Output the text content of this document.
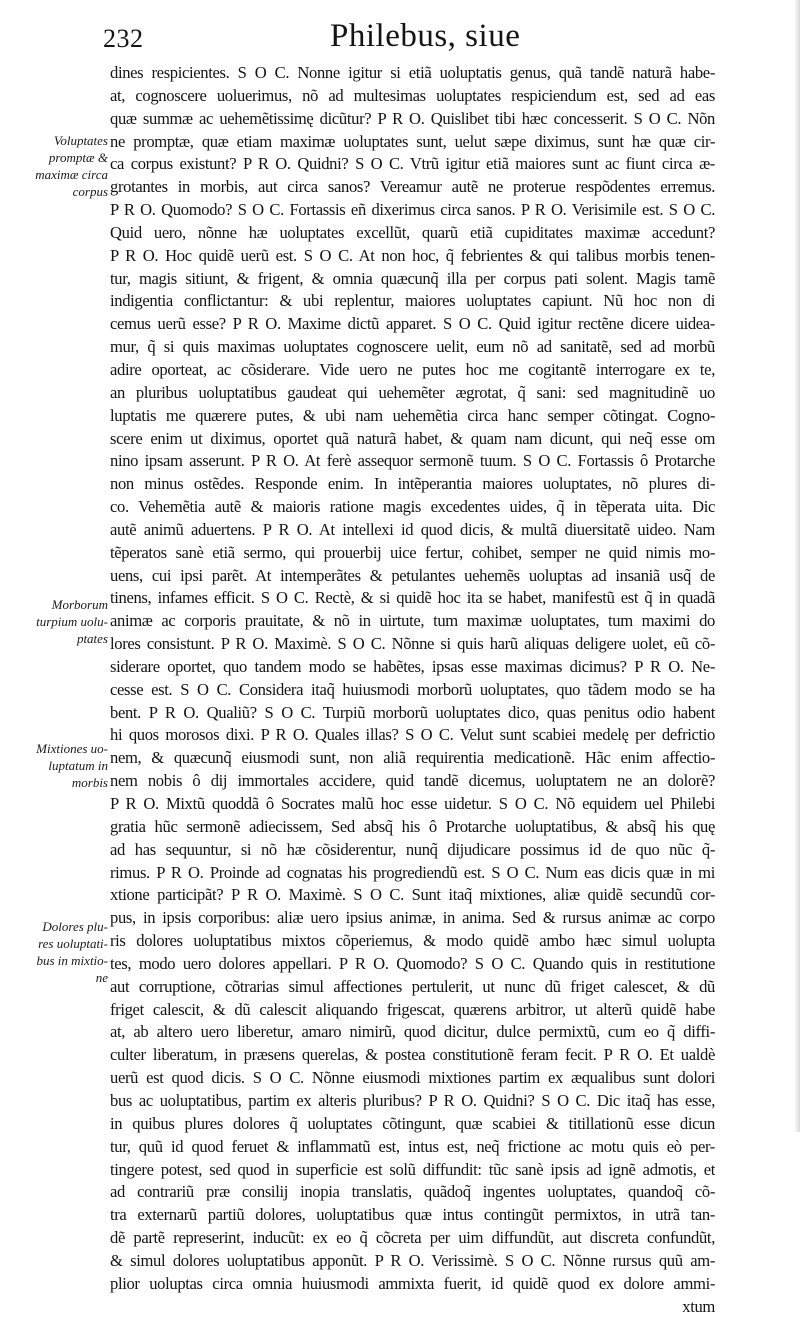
232	Philebus, siue
Voluptates
promptæ &
maximæ circa
corpus
Morborum
turpium uolu-
ptates
Mixtiones uo-
luptatum in
morbis
Dolores plu-
res uoluptati-
bus in mixtio-
ne
dines respicientes. S O C. Nonne igitur si etiã uoluptatis genus, quã tandẽ naturã habe-
at, cognoscere uoluerimus, nõ ad multesimas uoluptates respiciendum est, sed ad eas
quæ summæ ac uehemẽtissimę dicũtur? P R O. Quislibet tibi hæc concesserit. S O C. Nõn
ne promptæ, quæ etiam maximæ uoluptates sunt, uelut sæpe diximus, sunt hæ quæ cir-
ca corpus existunt? P R O. Quidni? S O C. Vtrũ igitur etiã maiores sunt ac fiunt circa æ-
grotantes in morbis, aut circa sanos? Vereamur autẽ ne proterue respõdentes erremus.
P R O. Quomodo? S O C. Fortassis eñ dixerimus circa sanos. P R O. Verisimile est. S O C.
Quid uero, nõnne hæ uoluptates excellũt, quarũ etiã cupiditates maximæ accedunt?
P R O. Hoc quidẽ uerũ est. S O C. At non hoc, q̃ febrientes & qui talibus morbis tenen-
tur, magis sitiunt, & frigent, & omnia quæcunq̃ illa per corpus pati solent. Magis tamẽ
indigentia conflictantur: & ubi replentur, maiores uoluptates capiunt. Nũ hoc non di
cemus uerũ esse? P R O. Maxime dictũ apparet. S O C. Quid igitur rectẽne dicere uidea-
mur, q̃ si quis maximas uoluptates cognoscere uelit, eum nõ ad sanitatẽ, sed ad morbũ
adire oporteat, ac cõsiderare. Vide uero ne putes hoc me cogitantẽ interrogare ex te,
an pluribus uoluptatibus gaudeat qui uehemẽter ægrotat, q̃ sani: sed magnitudinẽ uo
luptatis me quærere putes, & ubi nam uehemẽtia circa hanc semper cõtingat. Cogno-
scere enim ut diximus, oportet quã naturã habet, & quam nam dicunt, qui neq̃ esse om
nino ipsam asserunt. P R O. At ferè assequor sermonẽ tuum. S O C. Fortassis ô Protarche
non minus ostẽdes. Responde enim. In intẽperantia maiores uoluptates, nõ plures di-
co. Vehemẽtia autẽ & maioris ratione magis excedentes uides, q̃ in tẽperata uita. Dic
autẽ animũ aduertens. P R O. At intellexi id quod dicis, & multã diuersitatẽ uideo. Nam
tẽperatos sanè etiã sermo, qui prouerbij uice fertur, cohibet, semper ne quid nimis mo-
uens, cui ipsi parẽt. At intemperãtes & petulantes uehemẽs uoluptas ad insaniã usq̃ de
tinens, infames efficit. S O C. Rectè, & si quidẽ hoc ita se habet, manifestũ est q̃ in quadã
animæ ac corporis prauitate, & nõ in uirtute, tum maximæ uoluptates, tum maximi do
lores consistunt. P R O. Maximè. S O C. Nõnne si quis harũ aliquas deligere uolet, eũ cõ-
siderare oportet, quo tandem modo se habẽtes, ipsas esse maximas dicimus? P R O. Ne-
cesse est. S O C. Considera itaq̃ huiusmodi morborũ uoluptates, quo tãdem modo se ha
bent. P R O. Qualiũ? S O C. Turpiũ morborũ uoluptates dico, quas penitus odio habent
hi quos morosos dixi. P R O. Quales illas? S O C. Velut sunt scabiei medelę per defrictio
nem, & quæcunq̃ eiusmodi sunt, non aliã requirentia medicationẽ. Hãc enim affectio-
nem nobis ô dij immortales accidere, quid tandẽ dicemus, uoluptatem ne an dolorẽ?
P R O. Mixtũ quoddã ô Socrates malũ hoc esse uidetur. S O C. Nõ equidem uel Philebi
gratia hũc sermonẽ adiecissem, Sed absq̃ his ô Protarche uoluptatibus, & absq̃ his quę
ad has sequuntur, si nõ hæ cõsiderentur, nunq̃ dijudicare possimus id de quo nũc q̃-
rimus. P R O. Proinde ad cognatas his progrediendũ est. S O C. Num eas dicis quæ in mi
xtione participãt? P R O. Maximè. S O C. Sunt itaq̃ mixtiones, aliæ quidẽ secundũ cor-
pus, in ipsis corporibus: aliæ uero ipsius animæ, in anima. Sed & rursus animæ ac corpo
ris dolores uoluptatibus mixtos cõperiemus, & modo quidẽ ambo hæc simul uolupta
tes, modo uero dolores appellari. P R O. Quomodo? S O C. Quando quis in restitutione
aut corruptione, cõtrarias simul affectiones pertulerit, ut nunc dũ friget calescet, & dũ
friget calescit, & dũ calescit aliquando frigescat, quærens arbitror, ut alterũ quidẽ habe
at, ab altero uero liberetur, amaro nimirũ, quod dicitur, dulce permixtũ, cum eo q̃ diffi-
culter liberatum, in præsens querelas, & postea constitutionẽ feram fecit. P R O. Et ualdè
uerũ est quod dicis. S O C. Nõnne eiusmodi mixtiones partim ex æqualibus sunt dolori
bus ac uoluptatibus, partim ex alteris pluribus? P R O. Quidni? S O C. Dic itaq̃ has esse,
in quibus plures dolores q̃ uoluptates cõtingunt, quæ scabiei & titillationũ esse dicun
tur, quũ id quod feruet & inflammatũ est, intus est, neq̃ frictione ac motu quis eò per-
tingere potest, sed quod in superficie est solũ diffundit: tũc sanè ipsis ad ignẽ admotis, et
ad contrariũ præ consilij inopia translatis, quãdoq̃ ingentes uoluptates, quandoq̃ cõ-
tra externarũ partiũ dolores, uoluptatibus quæ intus contingũt permixtos, in utrã tan-
dẽ partẽ represerint, inducũt: ex eo q̃ cõcreta per uim diffundũt, aut discreta confundũt,
& simul dolores uoluptatibus apponũt. P R O. Verissimè. S O C. Nõnne rursus quũ am-
plior uoluptas circa omnia huiusmodi ammixta fuerit, id quidẽ quod ex dolore ammi-
xtum
